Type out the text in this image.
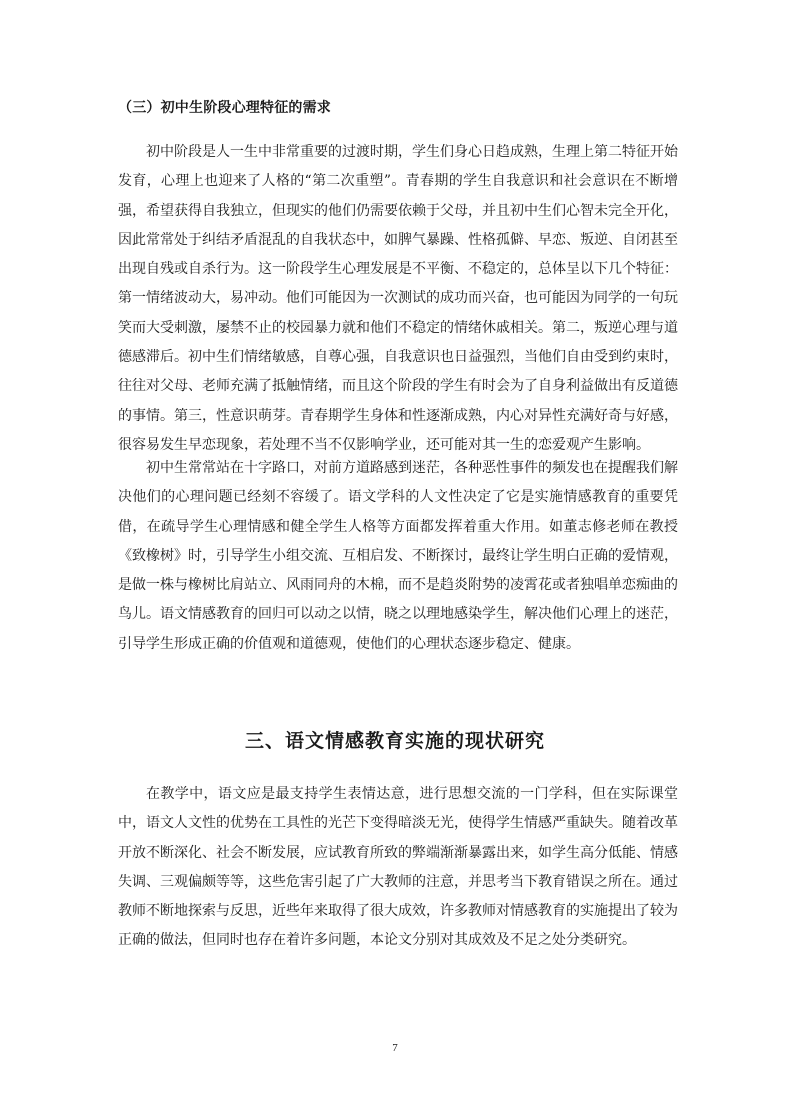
（三）初中生阶段心理特征的需求

初中阶段是人一生中非常重要的过渡时期，学生们身心日趋成熟，生理上第二特征开始发育，心理上也迎来了人格的“第二次重塑”。青春期的学生自我意识和社会意识在不断增强，希望获得自我独立，但现实的他们仍需要依赖于父母，并且初中生们心智未完全开化，因此常常处于纠结矛盾混乱的自我状态中，如脾气暴躁、性格孤僻、早恋、叛逆、自闭甚至出现自残或自杀行为。这一阶段学生心理发展是不平衡、不稳定的，总体呈以下几个特征：第一情绪波动大，易冲动。他们可能因为一次测试的成功而兴奋，也可能因为同学的一句玩笑而大受刺激，屡禁不止的校园暴力就和他们不稳定的情绪休戚相关。第二，叛逆心理与道德感滞后。初中生们情绪敏感，自尊心强，自我意识也日益强烈，当他们自由受到约束时，往往对父母、老师充满了抵触情绪，而且这个阶段的学生有时会为了自身利益做出有反道德的事情。第三，性意识萌芽。青春期学生身体和性逐渐成熟，内心对异性充满好奇与好感，很容易发生早恋现象，若处理不当不仅影响学业，还可能对其一生的恋爱观产生影响。

初中生常常站在十字路口，对前方道路感到迷茫，各种恶性事件的频发也在提醒我们解决他们的心理问题已经刻不容缓了。语文学科的人文性决定了它是实施情感教育的重要凭借，在疏导学生心理情感和健全学生人格等方面都发挥着重大作用。如董志修老师在教授《致橡树》时，引导学生小组交流、互相启发、不断探讨，最终让学生明白正确的爱情观，是做一株与橡树比肩站立、风雨同舟的木棉，而不是趋炎附势的凌霄花或者独唱单恋痴曲的鸟儿。语文情感教育的回归可以动之以情，晓之以理地感染学生，解决他们心理上的迷茫，引导学生形成正确的价值观和道德观，使他们的心理状态逐步稳定、健康。

三、语文情感教育实施的现状研究

在教学中，语文应是最支持学生表情达意，进行思想交流的一门学科，但在实际课堂中，语文人文性的优势在工具性的光芒下变得暗淡无光，使得学生情感严重缺失。随着改革开放不断深化、社会不断发展，应试教育所致的弊端渐渐暴露出来，如学生高分低能、情感失调、三观偏颇等等，这些危害引起了广大教师的注意，并思考当下教育错误之所在。通过教师不断地探索与反思，近些年来取得了很大成效，许多教师对情感教育的实施提出了较为正确的做法，但同时也存在着许多问题，本论文分别对其成效及不足之处分类研究。

7
